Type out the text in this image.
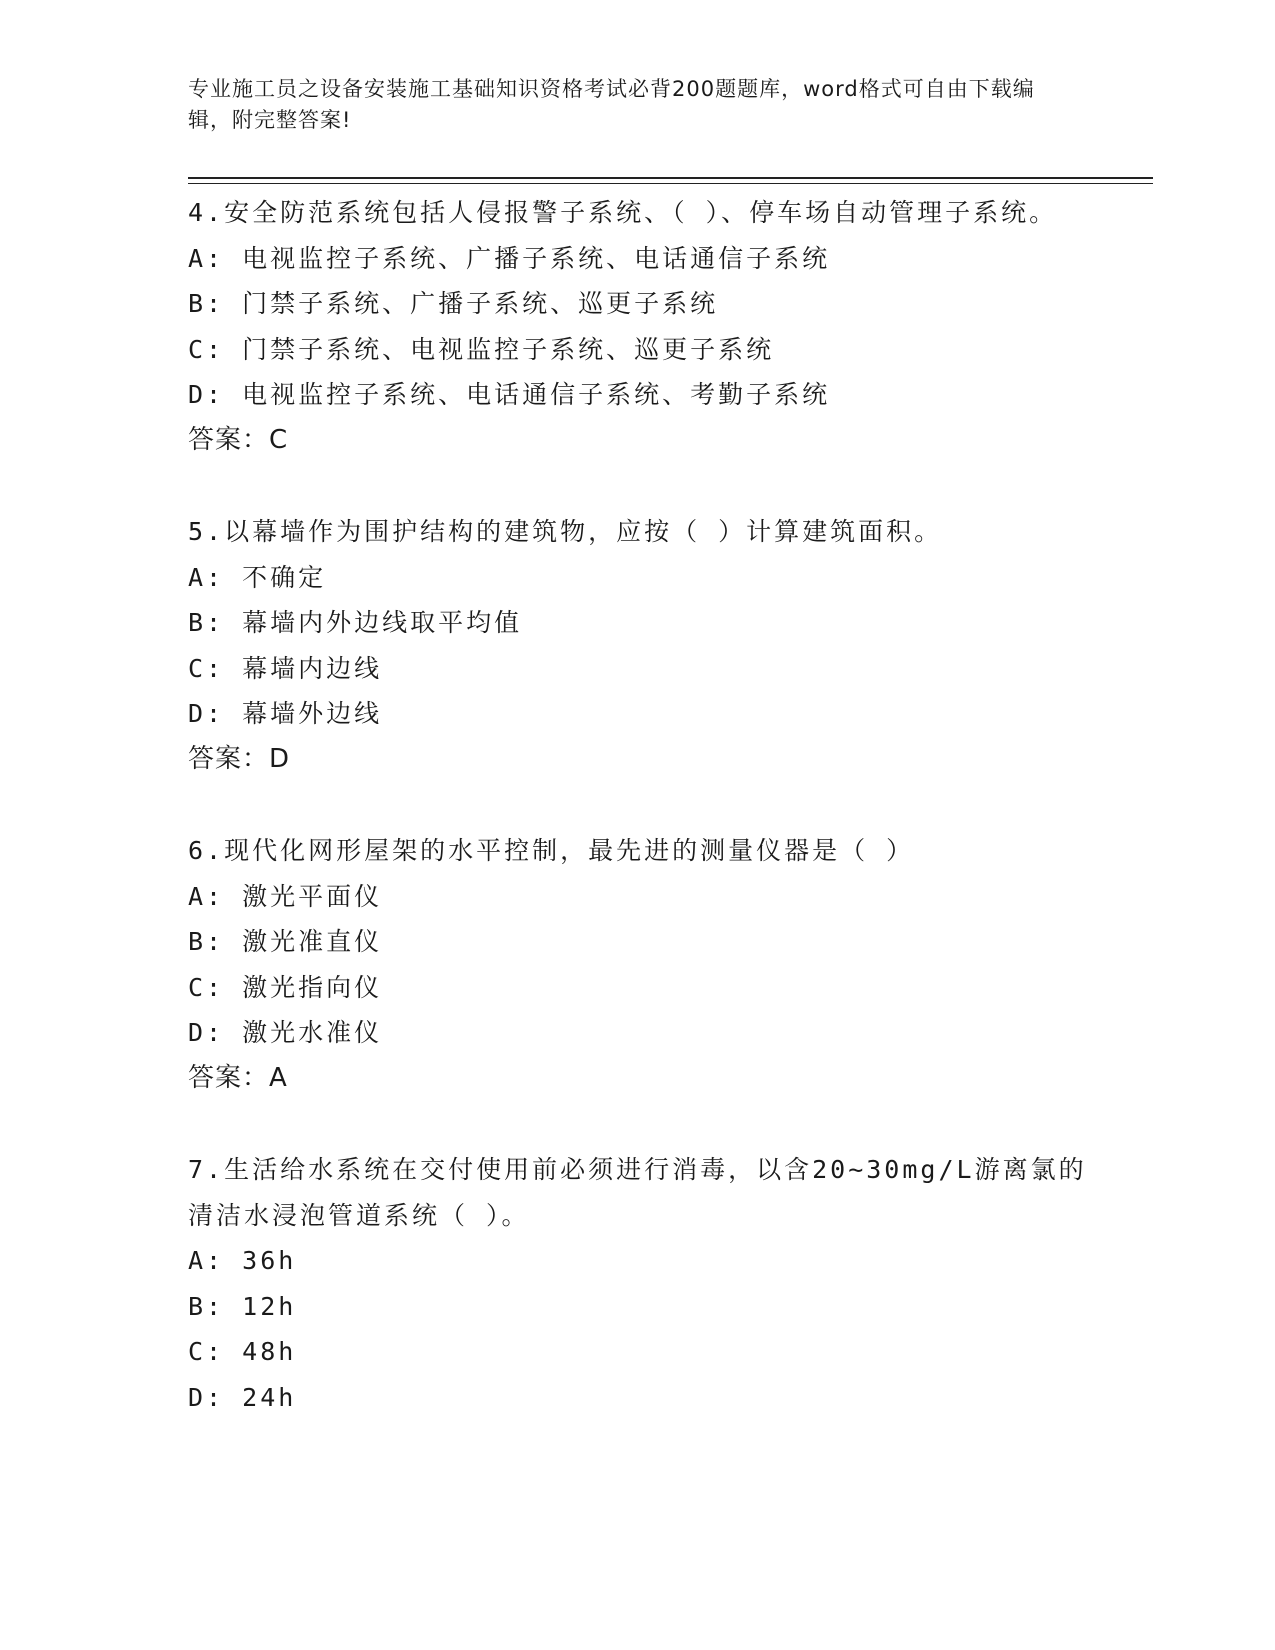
专业施工员之设备安装施工基础知识资格考试必背200题题库，word格式可自由下载编辑，附完整答案!

4.安全防范系统包括人侵报警子系统、（ ）、停车场自动管理子系统。

A: 电视监控子系统、广播子系统、电话通信子系统

B: 门禁子系统、广播子系统、巡更子系统

C: 门禁子系统、电视监控子系统、巡更子系统

D: 电视监控子系统、电话通信子系统、考勤子系统

答案：C

5.以幕墙作为围护结构的建筑物，应按（ ）计算建筑面积。

A: 不确定

B: 幕墙内外边线取平均值

C: 幕墙内边线

D: 幕墙外边线

答案：D

6.现代化网形屋架的水平控制，最先进的测量仪器是（ ）

A: 激光平面仪

B: 激光准直仪

C: 激光指向仪

D: 激光水准仪

答案：A

7.生活给水系统在交付使用前必须进行消毒，以含20~30mg/L游离氯的清洁水浸泡管道系统（ ）。

A: 36h

B: 12h

C: 48h

D: 24h
